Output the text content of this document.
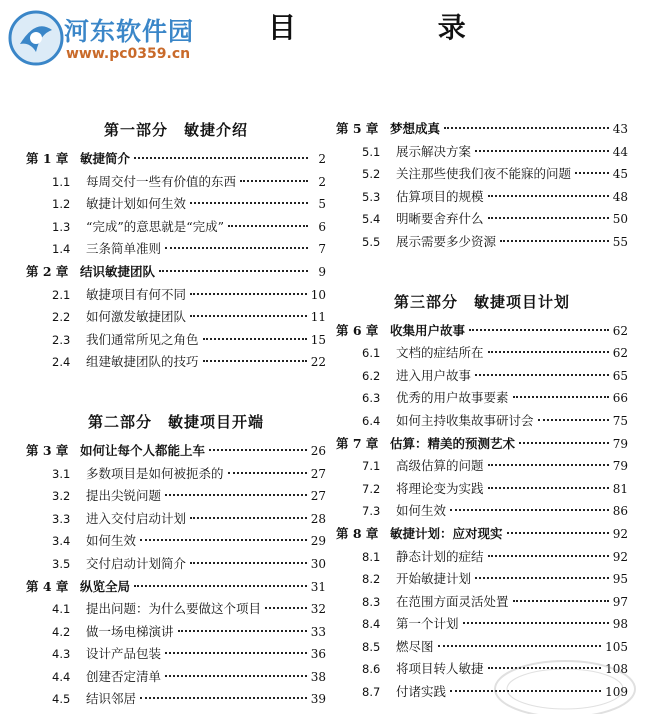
河东软件园
www.pc0359.cn
目 录
第一部分　敏捷介绍
第 1 章 敏捷简介	2
1.1	每周交付一些有价值的东西	2
1.2	敏捷计划如何生效	5
1.3	“完成”的意思就是“完成”	6
1.4	三条简单准则	7
第 2 章 结识敏捷团队	9
2.1	敏捷项目有何不同	10
2.2	如何激发敏捷团队	11
2.3	我们通常所见之角色	15
2.4	组建敏捷团队的技巧	22
第二部分　敏捷项目开端
第 3 章 如何让每个人都能上车	26
3.1	多数项目是如何被扼杀的	27
3.2	提出尖锐问题	27
3.3	进入交付启动计划	28
3.4	如何生效	29
3.5	交付启动计划简介	30
第 4 章 纵览全局	31
4.1	提出问题：为什么要做这个项目	32
4.2	做一场电梯演讲	33
4.3	设计产品包装	36
4.4	创建否定清单	38
4.5	结识邻居	39
第 5 章 梦想成真	43
5.1	展示解决方案	44
5.2	关注那些使我们夜不能寐的问题	45
5.3	估算项目的规模	48
5.4	明晰要舍弃什么	50
5.5	展示需要多少资源	55
第三部分　敏捷项目计划
第 6 章 收集用户故事	62
6.1	文档的症结所在	62
6.2	进入用户故事	65
6.3	优秀的用户故事要素	66
6.4	如何主持收集故事研讨会	75
第 7 章 估算：精美的预测艺术	79
7.1	高级估算的问题	79
7.2	将理论变为实践	81
7.3	如何生效	86
第 8 章 敏捷计划：应对现实	92
8.1	静态计划的症结	92
8.2	开始敏捷计划	95
8.3	在范围方面灵活处置	97
8.4	第一个计划	98
8.5	燃尽图	105
8.6	将项目转人敏捷	108
8.7	付诸实践	109
